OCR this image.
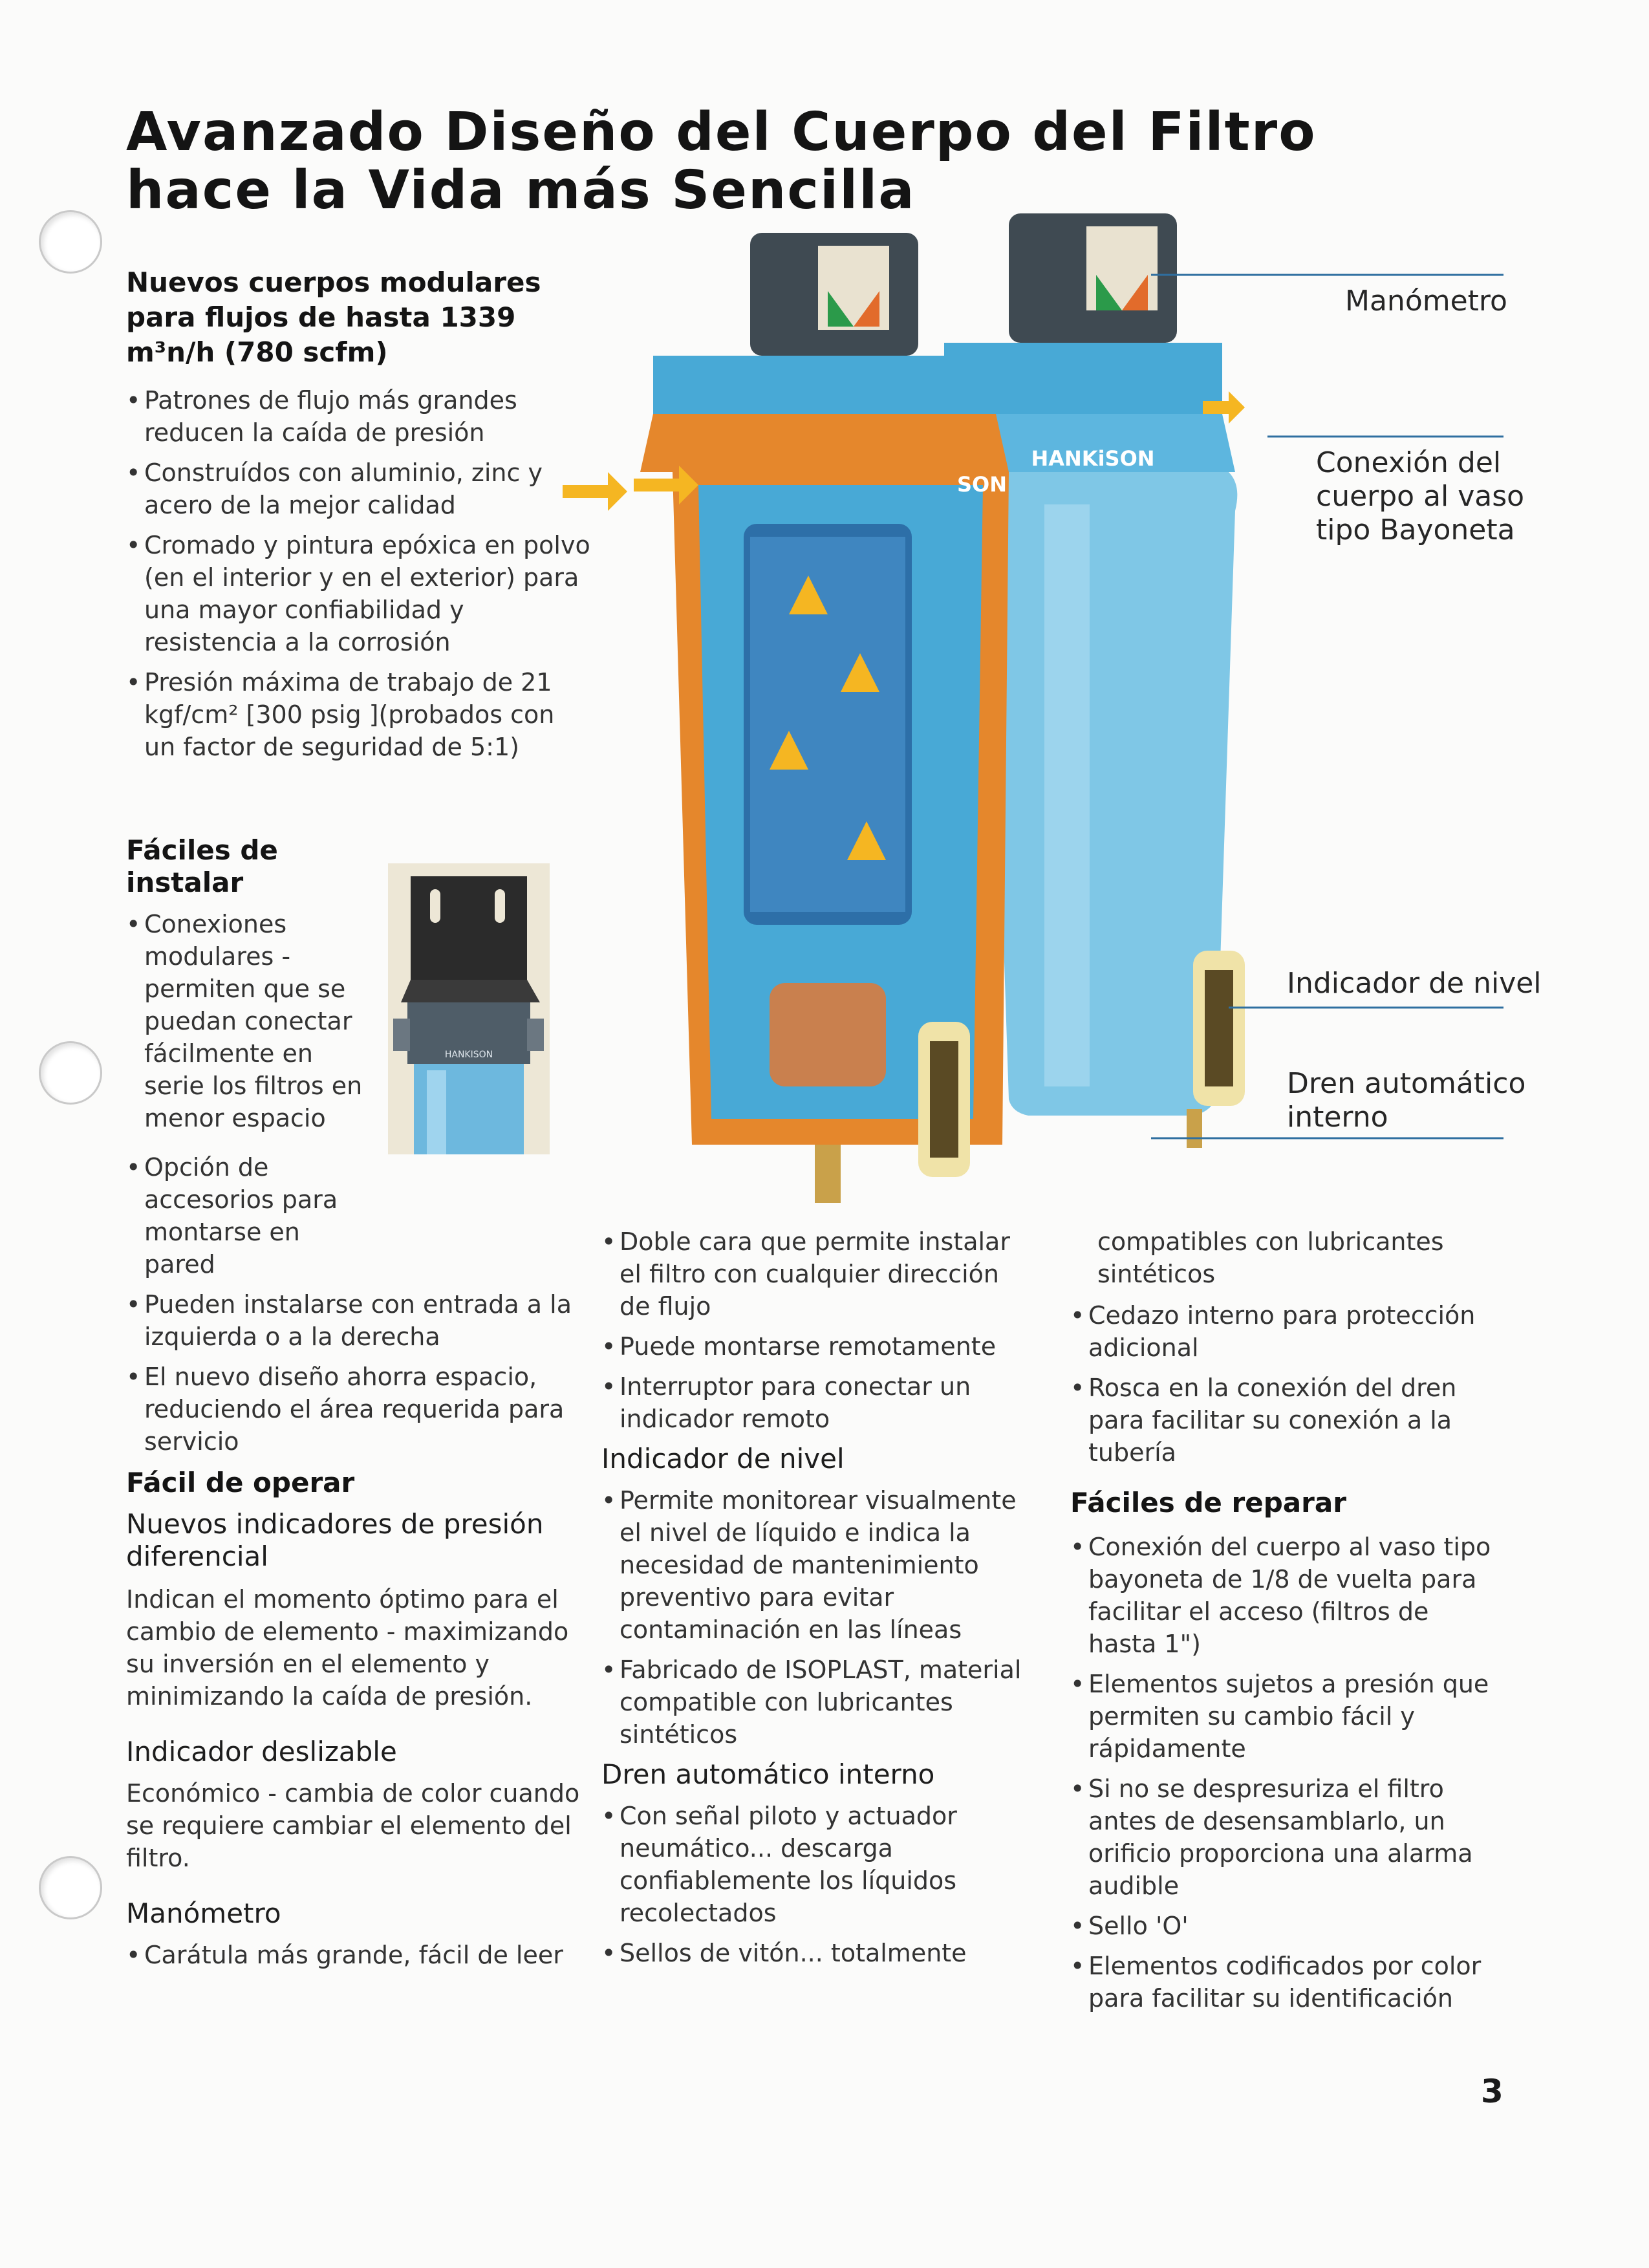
Avanzado Diseño del Cuerpo del Filtro hace la Vida más Sencilla
Nuevos cuerpos modulares para flujos de hasta 1339 m³n/h (780 scfm)
• Patrones de flujo más grandes reducen la caída de presión
• Construídos con aluminio, zinc y acero de la mejor calidad
• Cromado y pintura epóxica en polvo (en el interior y en el exterior) para una mayor confiabilidad y resistencia a la corrosión
• Presión máxima de trabajo de 21 kgf/cm² [300 psig ](probados con un factor de seguridad de 5:1)
Fáciles de instalar
• Conexiones modulares - permiten que se puedan conectar fácilmente en serie los filtros en menor espacio
HANKISON
• Opción de accesorios para montarse en pared
• Pueden instalarse con entrada a la izquierda o a la derecha
• El nuevo diseño ahorra espacio, reduciendo el área requerida para servicio
Fácil de operar
Nuevos indicadores de presión diferencial

Indican el momento óptimo para el cambio de elemento - maximizando su inversión en el elemento y minimizando la caída de presión.

Indicador deslizable

Económico - cambia de color cuando se requiere cambiar el elemento del filtro.

Manómetro
• Carátula más grande, fácil de leer
HANKiSON
SON
Manómetro
Conexión del cuerpo al vaso tipo Bayoneta
Indicador de nivel
Dren automático interno
• Doble cara que permite instalar el filtro con cualquier dirección de flujo
• Puede montarse remotamente
• Interruptor para conectar un indicador remoto
Indicador de nivel
• Permite monitorear visualmente el nivel de líquido e indica la necesidad de mantenimiento preventivo para evitar contaminación en las líneas
• Fabricado de ISOPLAST, material compatible con lubricantes sintéticos
Dren automático interno
• Con señal piloto y actuador neumático... descarga confiablemente los líquidos recolectados
• Sellos de vitón... totalmente

compatibles con lubricantes sintéticos

• Cedazo interno para protección adicional
• Rosca en la conexión del dren para facilitar su conexión a la tubería
Fáciles de reparar
• Conexión del cuerpo al vaso tipo bayoneta de 1/8 de vuelta para facilitar el acceso (filtros de hasta 1")
• Elementos sujetos a presión que permiten su cambio fácil y rápidamente
• Si no se despresuriza el filtro antes de desensamblarlo, un orificio proporciona una alarma audible
• Sello 'O'
• Elementos codificados por color para facilitar su identificación
3
